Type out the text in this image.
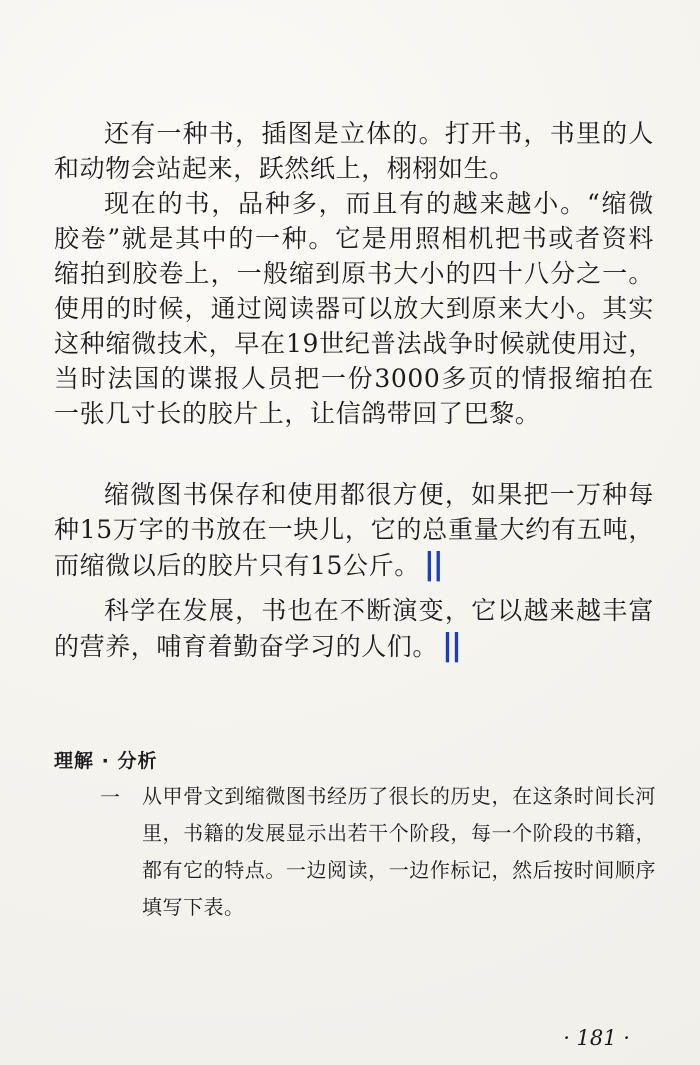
还有一种书，插图是立体的。打开书，书里的人和动物会站起来，跃然纸上，栩栩如生。

现在的书，品种多，而且有的越来越小。“缩微胶卷”就是其中的一种。它是用照相机把书或者资料缩拍到胶卷上，一般缩到原书大小的四十八分之一。使用的时候，通过阅读器可以放大到原来大小。其实这种缩微技术，早在19世纪普法战争时候就使用过，当时法国的谍报人员把一份3000多页的情报缩拍在一张几寸长的胶片上，让信鸽带回了巴黎。

缩微图书保存和使用都很方便，如果把一万种每种15万字的书放在一块儿，它的总重量大约有五吨，而缩微以后的胶片只有15公斤。 ||

科学在发展，书也在不断演变，它以越来越丰富的营养，哺育着勤奋学习的人们。 ||

理解 · 分析
一 从甲骨文到缩微图书经历了很长的历史，在这条时间长河里，书籍的发展显示出若干个阶段，每一个阶段的书籍，都有它的特点。一边阅读，一边作标记，然后按时间顺序填写下表。

· 181 ·
